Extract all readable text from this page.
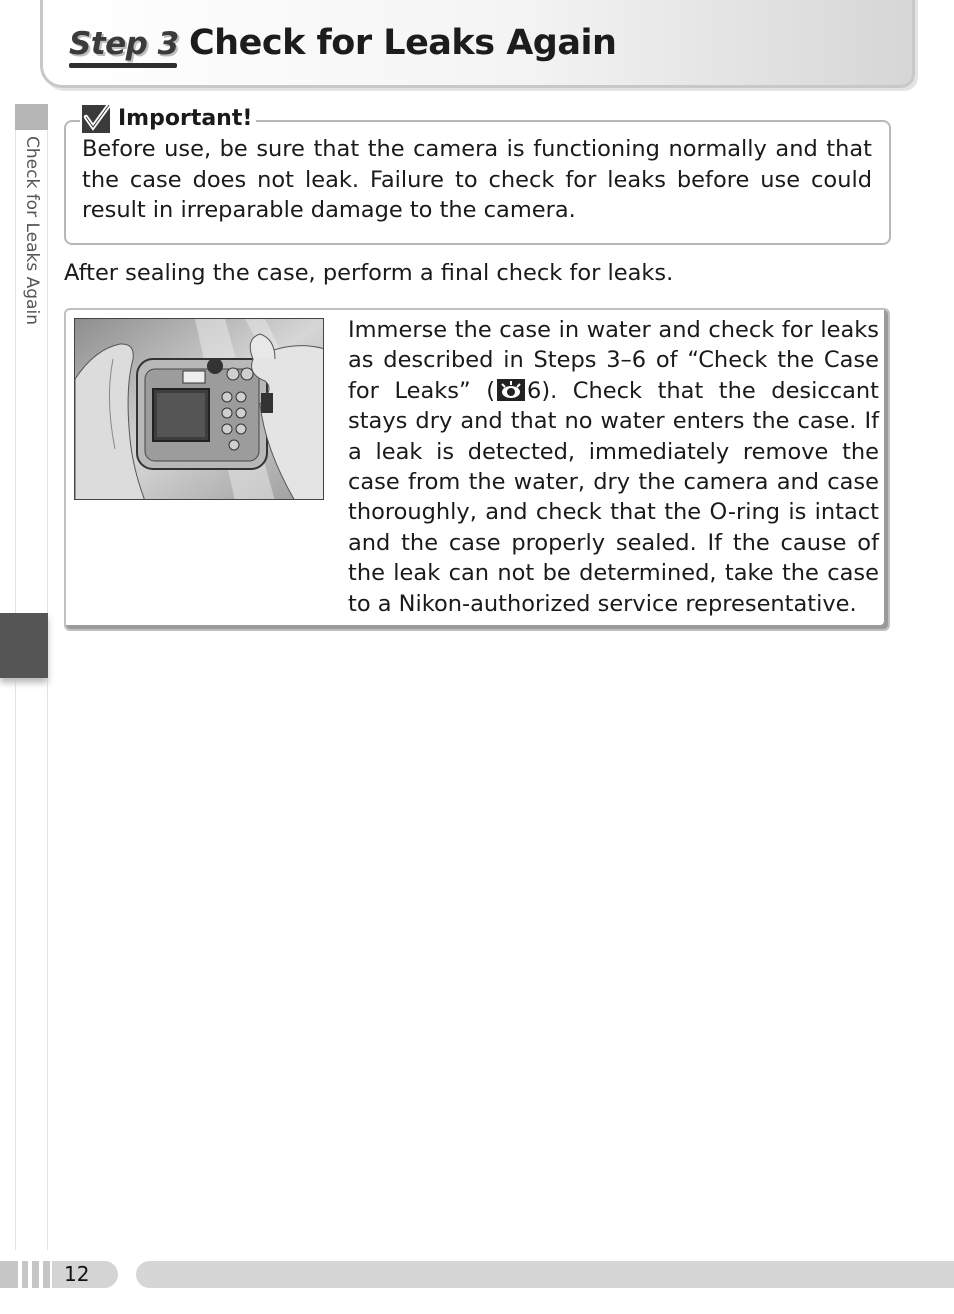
Step 3 Check for Leaks Again
Check for Leaks Again
Important!

Before use, be sure that the camera is functioning normally and that the case does not leak. Failure to check for leaks before use could result in irreparable damage to the camera.

After sealing the case, perform a final check for leaks.

Immerse the case in water and check for leaks as described in Steps 3–6 of “Check the Case for Leaks” ( 6). Check that the desiccant stays dry and that no water enters the case. If a leak is detected, immediately remove the case from the water, dry the camera and case thoroughly, and check that the O-ring is intact and the case properly sealed. If the cause of the leak can not be determined, take the case to a Nikon-authorized service representative.

12
